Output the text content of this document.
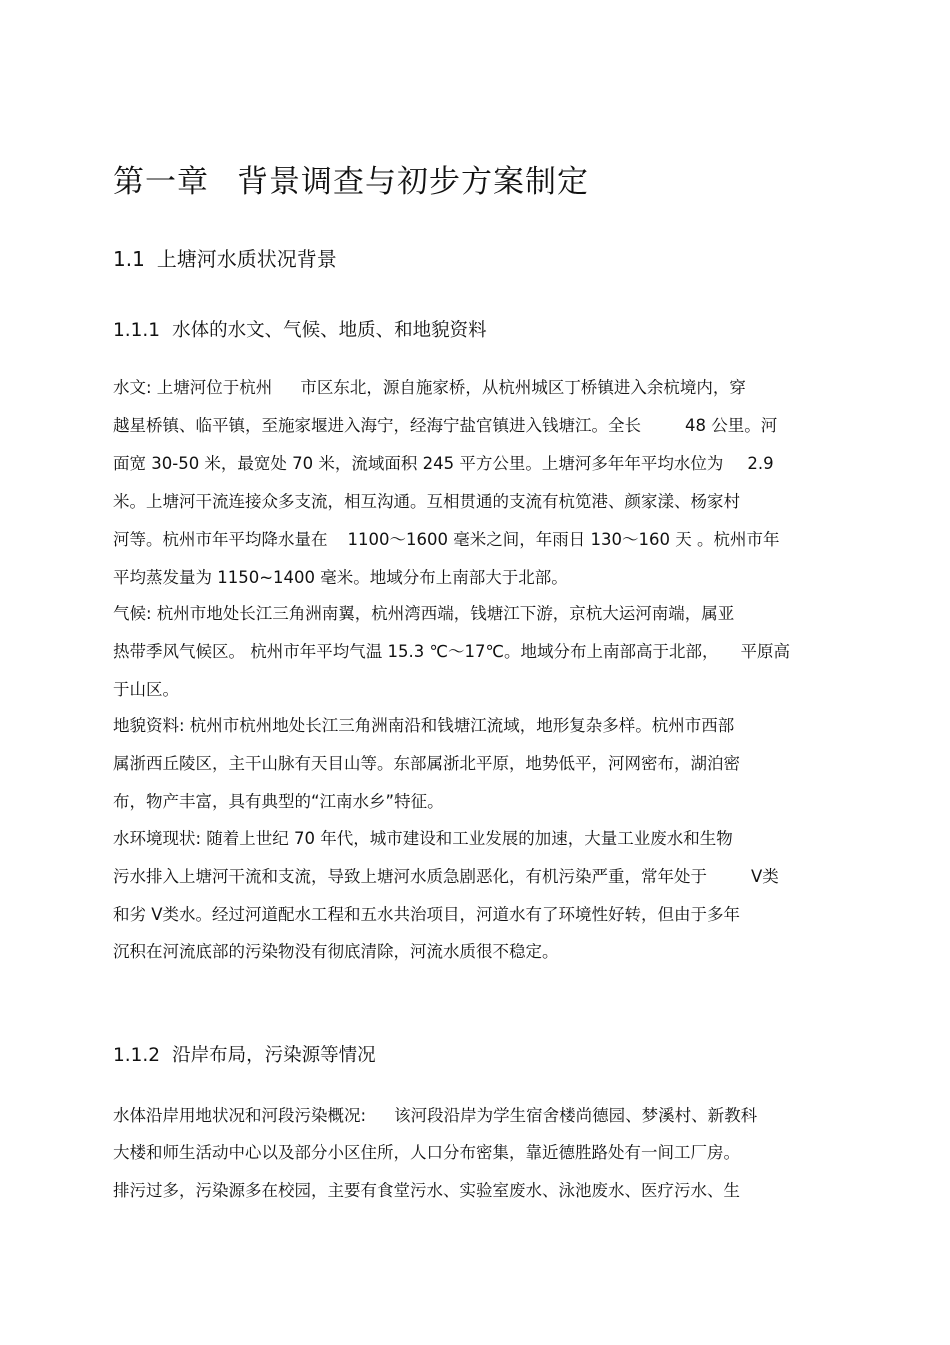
第一章 背景调查与初步方案制定
1.1 上塘河水质状况背景
1.1.1 水体的水文、气候、地质、和地貌资料
水文: 上塘河位于杭州 市区东北，源自施家桥，从杭州城区丁桥镇进入余杭境内，穿
越星桥镇、临平镇，至施家堰进入海宁，经海宁盐官镇进入钱塘江。全长	48 公里。河
面宽 30-50 米，最宽处 70 米，流域面积 245 平方公里。上塘河多年年平均水位为 2.9
米。上塘河干流连接众多支流，相互沟通。互相贯通的支流有杭笕港、颜家漾、杨家村
河等。杭州市年平均降水量在 1100～1600 毫米之间，年雨日 130～160 天 。杭州市年
平均蒸发量为 1150~1400 毫米。地域分布上南部大于北部。
气候: 杭州市地处长江三角洲南翼，杭州湾西端，钱塘江下游，京杭大运河南端，属亚
热带季风气候区。 杭州市年平均气温 15.3 ℃～17℃。地域分布上南部高于北部， 平原高
于山区。
地貌资料: 杭州市杭州地处长江三角洲南沿和钱塘江流域，地形复杂多样。杭州市西部
属浙西丘陵区，主干山脉有天目山等。东部属浙北平原，地势低平，河网密布，湖泊密
布，物产丰富，具有典型的“江南水乡”特征。
水环境现状: 随着上世纪 70 年代，城市建设和工业发展的加速，大量工业废水和生物
污水排入上塘河干流和支流，导致上塘河水质急剧恶化，有机污染严重，常年处于	Ⅴ类
和劣 Ⅴ类水。经过河道配水工程和五水共治项目，河道水有了环境性好转，但由于多年
沉积在河流底部的污染物没有彻底清除，河流水质很不稳定。
1.1.2 沿岸布局，污染源等情况
水体沿岸用地状况和河段污染概况: 该河段沿岸为学生宿舍楼尚德园、梦溪村、新教科
大楼和师生活动中心以及部分小区住所，人口分布密集，靠近德胜路处有一间工厂房。
排污过多，污染源多在校园，主要有食堂污水、实验室废水、泳池废水、医疗污水、生
